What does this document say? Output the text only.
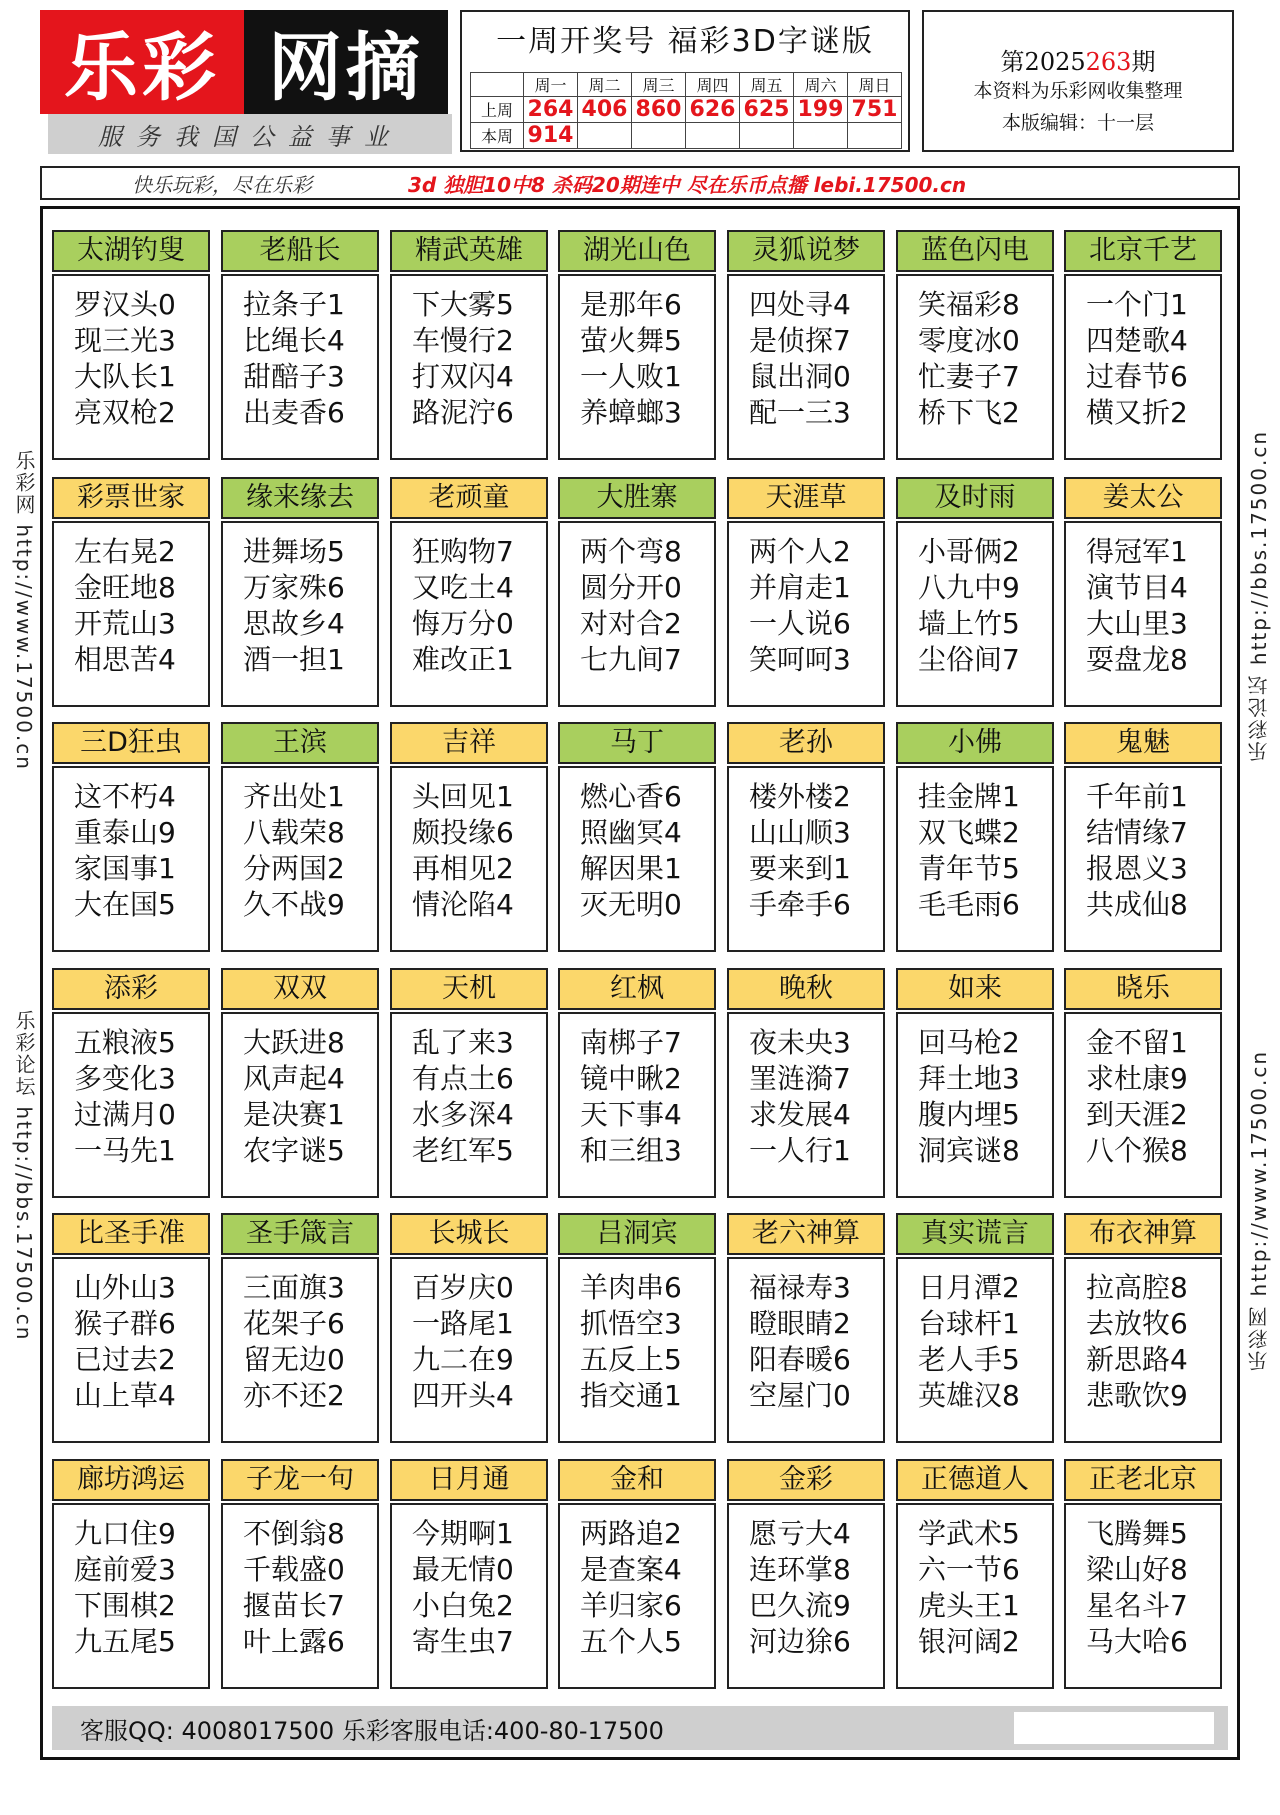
乐彩 网摘
服务我国公益事业
一周开奖号 福彩3D字谜版
	周一	周二	周三	周四	周五	周六	周日
上周	264	406	860	626	625	199	751
本周	914						
第2025263期
本资料为乐彩网收集整理
本版编辑：十一层
快乐玩彩，尽在乐彩	3d 独胆10中8 杀码20期连中 尽在乐币点播 lebi.17500.cn
乐彩网 http://www.17500.cn
乐彩论坛 http://bbs.17500.cn
乐彩论坛 http://bbs.17500.cn
乐彩网 http://www.17500.cn
客服QQ: 4008017500 乐彩客服电话:400-80-17500
太湖钓叟
罗汉头0
现三光3
大队长1
亮双枪2
老船长
拉条子1
比绳长4
甜醅子3
出麦香6
精武英雄
下大雾5
车慢行2
打双闪4
路泥泞6
湖光山色
是那年6
萤火舞5
一人败1
养蟑螂3
灵狐说梦
四处寻4
是侦探7
鼠出洞0
配一三3
蓝色闪电
笑福彩8
零度冰0
忙妻子7
桥下飞2
北京千艺
一个门1
四楚歌4
过春节6
横又折2
彩票世家
左右晃2
金旺地8
开荒山3
相思苦4
缘来缘去
进舞场5
万家殊6
思故乡4
酒一担1
老顽童
狂购物7
又吃土4
悔万分0
难改正1
大胜寨
两个弯8
圆分开0
对对合2
七九间7
天涯草
两个人2
并肩走1
一人说6
笑呵呵3
及时雨
小哥俩2
八九中9
墙上竹5
尘俗间7
姜太公
得冠军1
演节目4
大山里3
耍盘龙8
三D狂虫
这不朽4
重泰山9
家国事1
大在国5
王滨
齐出处1
八载荣8
分两国2
久不战9
吉祥
头回见1
颇投缘6
再相见2
情沦陷4
马丁
燃心香6
照幽冥4
解因果1
灭无明0
老孙
楼外楼2
山山顺3
要来到1
手牵手6
小佛
挂金牌1
双飞蝶2
青年节5
毛毛雨6
鬼魅
千年前1
结情缘7
报恩义3
共成仙8
添彩
五粮液5
多变化3
过满月0
一马先1
双双
大跃进8
风声起4
是决赛1
农字谜5
天机
乱了来3
有点土6
水多深4
老红军5
红枫
南梆子7
镜中瞅2
天下事4
和三组3
晚秋
夜未央3
罣涟漪7
求发展4
一人行1
如来
回马枪2
拜土地3
腹内埋5
洞宾谜8
晓乐
金不留1
求杜康9
到天涯2
八个猴8
比圣手准
山外山3
猴子群6
已过去2
山上草4
圣手箴言
三面旗3
花架子6
留无边0
亦不还2
长城长
百岁庆0
一路尾1
九二在9
四开头4
吕洞宾
羊肉串6
抓悟空3
五反上5
指交通1
老六神算
福禄寿3
瞪眼睛2
阳春暖6
空屋门0
真实谎言
日月潭2
台球杆1
老人手5
英雄汉8
布衣神算
拉高腔8
去放牧6
新思路4
悲歌饮9
廊坊鸿运
九口住9
庭前爱3
下围棋2
九五尾5
子龙一句
不倒翁8
千载盛0
揠苗长7
叶上露6
日月通
今期啊1
最无情0
小白兔2
寄生虫7
金和
两路追2
是查案4
羊归家6
五个人5
金彩
愿亏大4
连环掌8
巴久流9
河边狳6
正德道人
学武术5
六一节6
虎头王1
银河阔2
正老北京
飞腾舞5
梁山好8
星名斗7
马大哈6
